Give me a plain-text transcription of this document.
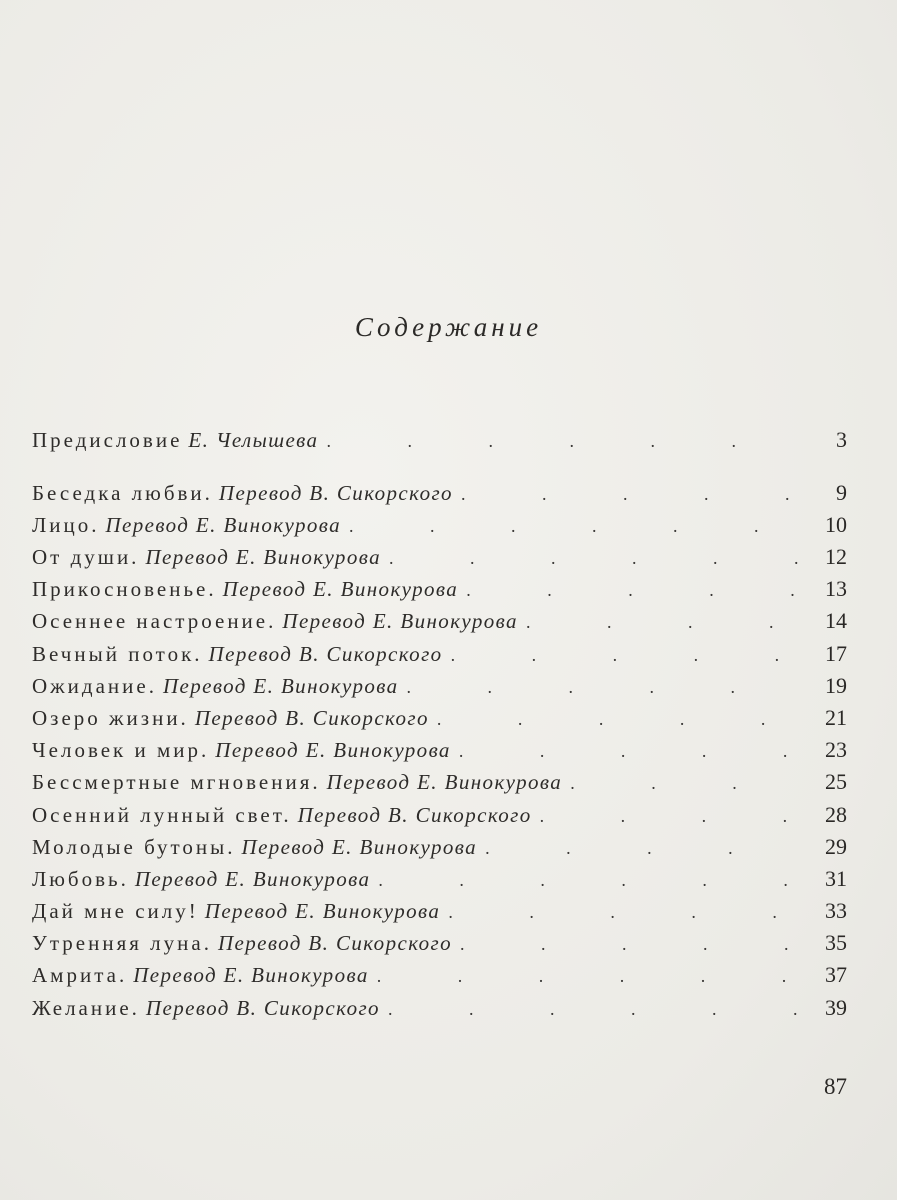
Содержание
Предисловие Е. Челышева .	3
Беседка любви. Перевод В. Сикорского .	9
Лицо. Перевод Е. Винокурова .	10
От души. Перевод Е. Винокурова .	12
Прикосновенье. Перевод Е. Винокурова .	13
Осеннее настроение. Перевод Е. Винокурова .	14
Вечный поток. Перевод В. Сикорского .	17
Ожидание. Перевод Е. Винокурова .	19
Озеро жизни. Перевод В. Сикорского .	21
Человек и мир. Перевод Е. Винокурова .	23
Бессмертные мгновения. Перевод Е. Винокурова .	25
Осенний лунный свет. Перевод В. Сикорского .	28
Молодые бутоны. Перевод Е. Винокурова .	29
Любовь. Перевод Е. Винокурова .	31
Дай мне силу! Перевод Е. Винокурова .	33
Утренняя луна. Перевод В. Сикорского .	35
Амрита. Перевод Е. Винокурова .	37
Желание. Перевод В. Сикорского .	39
87
